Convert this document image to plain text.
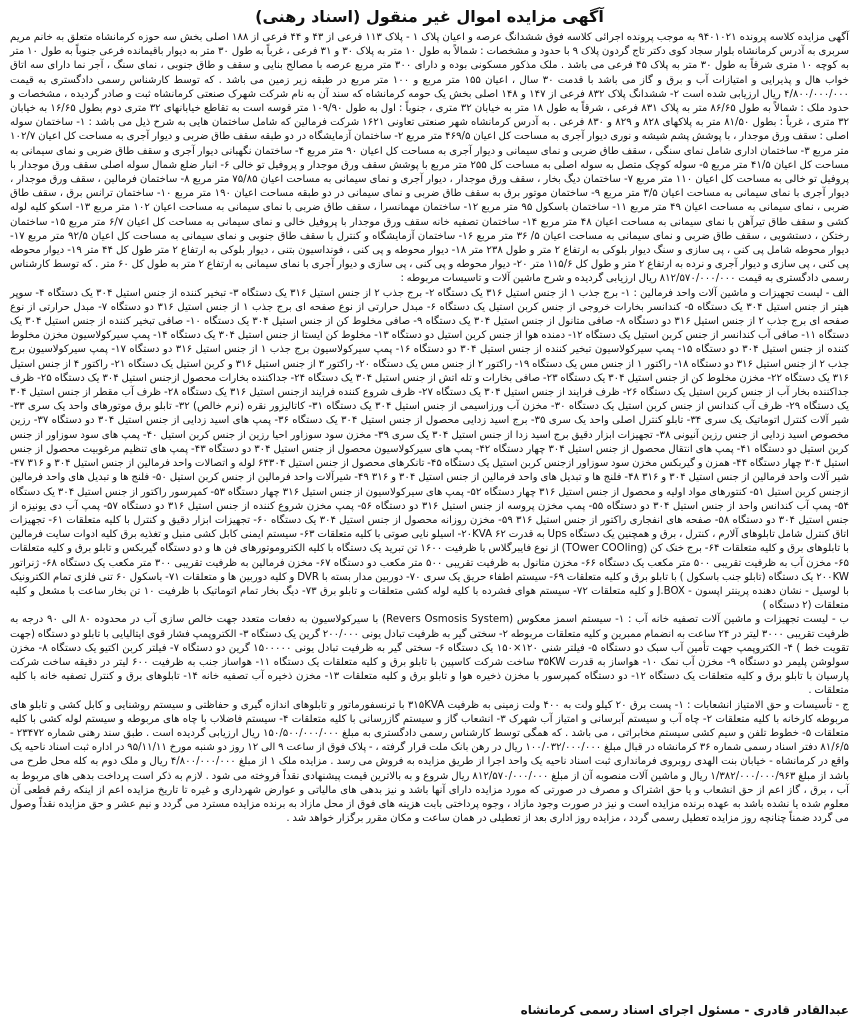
آگهی مزایده اموال غیر منقول (اسناد رهنی)

آگهی مزایده کلاسه پرونده ۹۴۰۱۰۲۱ به موجب پرونده اجرائی کلاسه فوق ششدانگ عرصه و اعیان پلاک ۱ - پلاک ۱۱۳ فرعی از ۴۳ و ۴۴ فرعی از ۱۸۸ اصلی بخش سه حوزه کرمانشاه متعلق به خانم مریم سربری به آدرس کرمانشاه بلوار سجاد کوی دکتر تاج گردون پلاک ۹ با حدود و مشخصات : شمالاً به طول ۱۰ متر به پلاک ۳۰ و ۳۱ فرعی ، غرباً به طول ۳۰ متر به دیوار باقیمانده فرعی جنوباً به طول ۱۰ متر به کوچه ۱۰ متری شرقاً به طول ۳۰ متر به پلاک ۴۵ فرعی می باشد . ملک مذکور مسکونی بوده و دارای ۳۰۰ متر مربع عرصه با مصالح بنایی و سقف و طاق جنوبی ، نمای سنگ ، آجر نما دارای سه اتاق خواب هال و پذیرایی و امتیازات آب و برق و گاز می باشد با قدمت ۳۰ سال ، اعیان ۱۵۵ متر مربع و ۱۰۰ متر مربع در طبقه زیر زمین می باشد . که توسط کارشناس رسمی دادگستری به قیمت ۴/۸۰۰/۰۰۰/۰۰۰ ریال ارزیابی شده است ۲- ششدانگ پلاک ۸۳۲ فرعی از ۱۴۷ و ۱۴۸ اصلی بخش یک حومه کرمانشاه که سند آن به نام شرکت شهرک صنعتی کرمانشاه ثبت و صادر گردیده ، مشخصات و حدود ملک : شمالاً به طول ۸۶/۶۵ متر به پلاک ۸۳۱ فرعی ، شرقاً به طول ۱۸ متر به خیابان ۳۲ متری ، جنوباً : اول به طول ۱۰۹/۹۰ متر قوسه است به تقاطع خیابانهای ۳۲ متری دوم بطول ۱۶/۶۵ به خیابان ۳۲ متری ، غرباً : بطول ۸۱/۵۰ متر به پلاکهای ۸۲۸ و ۸۲۹ و ۸۳۰ فرعی . به آدرس کرمانشاه شهر صنعتی تعاونی ۱۶۲۱ شرکت فرمالین که شامل ساختمان هایی به شرح ذیل می باشد : ۱- ساختمان سوله اصلی : سقف ورق موجدار ، با پوشش پشم شیشه و نوری دیوار آجری به مساحت کل اعیان ۴۶۹/۵ متر مربع ۲- ساختمان آزمایشگاه در دو طبقه سقف طاق ضربی و دیوار آجری به مساحت کل اعیان ۱۰۲/۷ متر مربع ۳- ساختمان اداری شامل نمای سنگی ، سقف طاق ضربی و نمای سیمانی و دیوار آجری به مساحت کل اعیان ۹۰ متر مربع ۴- ساختمان نگهبانی دیوار آجری و سقف طاق ضربی و نمای سیمانی به مساحت کل اعیان ۴۱/۵ متر مربع ۵- سوله کوچک متصل به سوله اصلی به مساحت کل ۲۵۵ متر مربع با پوشش سقف ورق موجدار و پروفیل تو خالی ۶- انبار ضلع شمال سوله اصلی سقف ورق موجدار با پروفیل تو خالی به مساحت کل اعیان ۱۱۰ متر مربع ۷- ساختمان دیگ بخار ، سقف ورق موجدار ، دیوار آجری و نمای سیمانی به مساحت اعیان ۷۵/۸۵ متر مربع ۸- ساختمان فرمالین ، سقف ورق موجدار ، دیوار آجری با نمای سیمانی به مساحت اعیان ۳/۵ متر مربع ۹- ساختمان موتور برق به سقف طاق ضربی و نمای سیمانی در دو طبقه مساحت اعیان ۱۹۰ متر مربع ۱۰- ساختمان ترانس برق ، سقف طاق ضربی ، نمای سیمانی به مساحت اعیان ۴۹ متر مربع ۱۱- ساختمان باسکول ۹۵ متر مربع ۱۲- ساختمان مهمانسرا ، سقف طاق ضربی با نمای سیمانی به مساحت اعیان ۱۰۲ متر مربع ۱۳- اسکو کلیه لوله کشی و سقف طاق تیرآهن با نمای سیمانی به مساحت اعیان ۴۸ متر مربع ۱۴- ساختمان تصفیه خانه سقف ورق موجدار با پروفیل خالی و نمای سیمانی به مساحت کل اعیان ۶/۷ متر مربع ۱۵- ساختمان رختکن ، دستشویی ، سقف طاق ضربی و نمای سیمانی به مساحت اعیان ۵/ ۳۶ متر مربع ۱۶- ساختمان آزمایشگاه و کنترل با سقف طاق جنوبی و نمای سیمانی به مساحت کل اعیان ۹۲/۵ متر مربع ۱۷- دیوار محوطه شامل پی کنی ، پی سازی و سنگ دیوار بلوکی به ارتفاع ۲ متر و طول ۲۳۸ متر ۱۸- دیوار محوطه و پی کنی ، فونداسیون بتنی ، دیوار بلوکی به ارتفاع ۲ متر طول کل ۴۴ متر ۱۹- دیوار محوطه پی کنی ، پی سازی و دیوار آجری و نرده به ارتفاع ۲ متر و طول کل ۱۱۵/۶ متر ۲۰- دیوار محوطه و پی کنی ، پی سازی و دیوار آجری با نمای سیمانی به ارتفاع ۲ متر به طول کل ۶۰ متر . که توسط کارشناس رسمی دادگستری به قیمت ۸۱۲/۵۷۰/۰۰۰/۰۰۰ ریال ارزیابی گردیده و شرح ماشین آلات و تاسیسات مربوطه :

الف - لیست تجهیزات و ماشین آلات واحد فرمالین : ۱- برج جذب ۱ از جنس استیل ۳۱۶ یک دستگاه ۲- برج جذب ۲ از جنس استیل ۳۱۶ یک دستگاه ۳- تبخیر کننده از جنس استیل ۳۰۴ یک دستگاه ۴- سوپر هیتر از جنس استیل ۳۰۴ یک دستگاه ۵- کندانسر بخارات خروجی از جنس کربن استیل یک دستگاه ۶- مبدل حرارتی از نوع صفحه ای برج جذب ۱ از جنس استیل ۳۱۶ دو دستگاه ۷- مبدل حرارتی از نوع صفحه ای برج جذب ۲ از جنس استیل ۳۱۶ دو دستگاه ۸- صافی متانول از جنس استیل ۳۰۴ یک دستگاه ۹- صافی مخلوط کن از جنس استیل ۳۰۴ یک دستگاه ۱۰- صافی تبخیر کننده از جنس استیل ۳۰۴ یک دستگاه ۱۱- صافی آب کندانسر از جنس کربن استیل یک دستگاه ۱۲- دمنده هوا از جنس کربن استیل دو دستگاه ۱۳- مخلوط کن ایستا از جنس استیل ۳۰۴ یک دستگاه ۱۴- پمپ سیرکولاسیون مخزن مخلوط کننده از جنس استیل ۳۰۴ دو دستگاه ۱۵- پمپ سیرکولاسیون تبخیر کننده از جنس استیل ۳۰۴ دو دستگاه ۱۶- پمپ سیرکولاسیون برج جذب ۱ از جنس استیل ۳۱۶ دو دستگاه ۱۷- پمپ سیرکولاسیون برج جذب ۲ از جنس استیل ۳۱۶ دو دستگاه ۱۸- راکتور ۱ از جنس مس یک دستگاه ۱۹- راکتور ۲ از جنس مس یک دستگاه ۲۰- راکتور ۳ از جنس استیل ۳۱۶ و کربن استیل یک دستگاه ۲۱- راکتور ۴ از جنس استیل ۳۱۶ یک دستگاه ۲۲- مخزن مخلوط کن از جنس استیل ۳۰۴ یک دستگاه ۲۳- صافی بخارات و تله اتش از جنس استیل ۳۰۴ یک دستگاه ۲۴- جداکننده بخارات محصول ازجنس استیل ۳۰۴ یک دستگاه ۲۵- ظرف جداکننده بخار آب از جنس کربن استیل یک دستگاه ۲۶- ظرف فرایند از جنس استیل ۳۰۴ یک دستگاه ۲۷- ظرف شروع کننده فرایند ازجنس استیل ۳۱۶ یک دستگاه ۲۸- ظرف آب مقطر از جنس استیل ۳۰۴ یک دستگاه ۲۹- ظرف آب کندانس از جنس کربن استیل یک دستگاه ۳۰- مخزن آب ورزاسیمی از جنس استیل ۳۰۴ یک دستگاه ۳۱- کاتالیزور نقره (نرم خالص) ۳۲- تابلو برق موتورهای واحد یک سری ۳۳- شیر آلات کنترل اتوماتیک یک سری ۳۴- تابلو کنترل اصلی واحد یک سری ۳۵- برج اسید زدایی محصول از جنس استیل ۳۰۴ یک دستگاه ۳۶- پمپ های اسید زدایی از جنس استیل ۳۰۴ دو دستگاه ۳۷- رزین مخصوص اسید زدایی از جنس رزین آنیونی ۳۸- تجهیزات ابزار دقیق برج اسید زدا از جنس استیل ۳۰۴ یک سری ۳۹- مخزن سود سوزاور احیا رزین از جنس کربن استیل ۴۰- پمپ های سود سوزاور از جنس کربن استیل دو دستگاه ۴۱- پمپ های انتقال محصول از جنس استیل ۳۰۴ چهار دستگاه ۴۲- پمپ های سیرکولاسیون محصول از جنس استیل ۳۰۴ دو دستگاه ۴۳- پمپ های تنظیم مرغوبیت محصول از جنس استیل ۳۰۴ چهار دستگاه ۴۴- همزن و گیربکس مخزن سود سوزاور ازجنس کربن استیل یک دستگاه ۴۵- تانکرهای محصول از جنس استیل ۶۴۳۰۴ لوله و اتصالات واحد فرمالین از جنس استیل ۳۰۴ و ۳۱۶ ۴۷- شیر آلات واحد فرمالین از جنس استیل ۳۰۴ و ۳۱۶ ۴۸- فلنج ها و تبدیل های واحد فرمالین از جنس استیل ۳۰۴ و ۳۱۶ ۴۹- شیرآلات واحد فرمالین از جنس کربن استیل ۵۰- فلنج ها و تبدیل های واحد فرمالین ازجنس کربن استیل ۵۱- کنتورهای مواد اولیه و محصول از جنس استیل ۳۱۶ چهار دستگاه ۵۲- پمپ های سیرکولاسیون از جنس استیل ۳۱۶ چهار دستگاه ۵۳- کمپرسور راکتور از جنس استیل ۳۰۴ یک دستگاه ۵۴- پمپ آب کندانس واحد از جنس استیل ۳۰۴ دو دستگاه ۵۵- پمپ مخزن پروسه از جنس استیل ۳۱۶ دو دستگاه ۵۶- پمپ مخزن شروع کننده از جنس استیل ۳۱۶ دو دستگاه ۵۷- پمپ آب دی یونیزه از جنس استیل ۳۰۴ دو دستگاه ۵۸- صفحه های انفجاری راکتور از جنس استیل ۳۱۶ ۵۹- مخزن روزانه محصول از جنس استیل ۳۰۴ یک دستگاه ۶۰- تجهیزات ابزار دقیق و کنترل با کلیه متعلقات ۶۱- تجهیزات اتاق کنترل شامل تابلوهای آلارم ، کنترل ، برق و همچنین یک دستگاه Ups به قدرت ۲۰KVA ۶۲- اسیلو نایی صوتی با کلیه متعلقات ۶۳- سیستم ایمنی کابل کشی منبل و تغذیه برق کلیه ادوات سایت فرمالین با تابلوهای برق و کلیه متعلقات ۶۴- برج خنک کن (TOwer COOling) از نوع فایبرگلاس با ظرفیت ۱۶۰۰ تن تبرید یک دستگاه با کلیه الکتروموتورهای فن ها و دو دستگاه گیربکس و تابلو برق و کلیه متعلقات ۶۵- مخزن آب به ظرفیت تقریبی ۵۰۰ متر مکعب یک دستگاه ۶۶- مخزن متانول به ظرفیت تقریبی ۵۰۰ متر مکعب دو دستگاه ۶۷- مخزن فرمالین به ظرفیت تقریبی ۳۰۰ متر مکعب یک دستگاه ۶۸- ژنراتور ۲۰۰KW یک دستگاه (تابلو جنب باسکول ) با تابلو برق و کلیه متعلقات ۶۹- سیستم اطفاء حریق یک سری ۷۰- دوربین مدار بسته با DVR و کلیه دوربین ها و متعلقات ۷۱- باسکول ۶۰ تنی فلزی تمام الکترونیک با لوسیل - نشان دهنده پرینتر اپسون - J.BOX و کلیه متعلقات ۷۲- سیستم هوای فشرده با کلیه لوله کشی متعلقات و تابلو برق ۷۳- دیگ بخار تمام اتوماتیک با ظرفیت ۱۰ تن بخار ساعت با مشعل و کلیه متعلقات (۲ دستگاه )

ب - لیست تجهیزات و ماشین آلات تصفیه خانه آب : ۱- سیستم اسمز معکوس (Revers Osmosis System) با سیرکولاسیون به دفعات متعدد جهت خالص سازی آب در محدوده ۸۰ الی ۹۰ درجه به ظرفیت تقریبی ۳۰۰۰ لیتر در ۲۴ ساعت به انضمام ممبرین و کلیه متعلقات مربوطه ۲- سختی گیر به ظرفیت تبادل یونی ۲۰۰/۰۰۰ گرین یک دستگاه ۳- الکتروپمپ فشار قوی ایتالیایی با تابلو دو دستگاه (جهت تقویت خط ) ۴- الکتروپمپ جهت تأمین آب سبک دو دستگاه ۵- فیلتر شنی ۱۲۰×۱۵۰ یک دستگاه ۶- سختی گیر به ظرفیت تبادل یونی ۱۵۰۰۰۰۰ گرین دو دستگاه ۷- فیلتر کربن اکتیو یک دستگاه ۸- مخزن سولوشن پلیمر دو دستگاه ۹- مخزن آب نمک ۱۰- هواساز به قدرت ۳۵KW ساخت شرکت کاسپین با تابلو برق و کلیه متعلقات یک دستگاه ۱۱- هواساز جنب به ظرفیت ۶۰۰ لیتر در دقیقه ساخت شرکت پارسیان با تابلو برق و کلیه متعلقات یک دستگاه ۱۲- دو دستگاه کمپرسور با مخزن ذخیره هوا و تابلو برق و کلیه متعلقات ۱۳- مخزن ذخیره آب تصفیه خانه ۱۴- تابلوهای برق و کنترل تصفیه خانه با کلیه متعلقات .

ج - تأسیسات و حق الامتیاز انشعابات : ۱- پست برق ۲۰ کیلو ولت به ۴۰۰ ولت زمینی به ظرفیت ۳۱۵KVA با ترنسفورماتور و تابلوهای اندازه گیری و حفاظتی و سیستم روشنایی و کابل کشی و تابلو های مربوطه کارخانه با کلیه متعلقات ۲- چاه آب و سیستم آبرسانی و امتیاز آب شهرک ۳- انشعاب گاز و سیستم گازرسانی با کلیه متعلقات ۴- سیستم فاضلاب با چاه های مربوطه و سیستم لوله کشی با کلیه متعلقات ۵- خطوط تلفن و سیم کشی سیستم مخابراتی ، می باشد . که همگی توسط کارشناس رسمی دادگستری به مبلغ ۱۵۰/۵۰۰/۰۰۰/۰۰۰ ریال ارزیابی گردیده است . طبق سند رهنی شماره ۲۳۴۷۲ - ۸۱/۶/۵ دفتر اسناد رسمی شماره ۳۶ کرمانشاه در قبال مبلغ ۱۰۰/۰۳۲/۰۰۰/۰۰۰ ریال در رهن بانک ملت قرار گرفته ، - پلاک فوق از ساعت ۹ الی ۱۲ روز دو شنبه مورخ ۹۵/۱۱/۱۱ در اداره ثبت اسناد ناحیه یک واقع در کرمانشاه - خیابان بنت الهدی روبروی فرمانداری ثبت اسناد ناحیه یک واحد اجرا از طریق مزایده به فروش می رسد . مزایده ملک ۱ از مبلغ ۴/۸۰۰/۰۰۰/۰۰۰ ریال و ملک دوم به کله محل طرح می باشد از مبلغ ۱/۳۸۲/۰۰۰/۰۰۰/۹۶۳ ریال و ماشین آلات منصوبه آن از مبلغ ۸۱۲/۵۷۰/۰۰۰/۰۰۰ ریال شروع و به بالاترین قیمت پیشنهادی نقداً فروخته می شود . لازم به ذکر است پرداخت بدهی های مربوط به آب ، برق ، گاز اعم از حق انشعاب و یا حق اشتراک و مصرف در صورتی که مورد مزایده دارای آنها باشد و نیز بدهی های مالیاتی و عوارض شهرداری و غیره تا تاریخ مزایده اعم از اینکه رقم قطعی آن معلوم شده یا نشده باشد به عهده برنده مزایده است و نیز در صورت وجود مازاد ، وجوه پرداختی بابت هزینه های فوق از محل مازاد به برنده مزایده مسترد می گردد و نیم عشر و حق مزایده نقداً وصول می گردد ضمناً چنانچه روز مزایده تعطیل رسمی گردد ، مزایده روز اداری بعد از تعطیلی در همان ساعت و مکان مقرر برگزار خواهد شد .

عبدالقادر قادری - مسئول اجرای اسناد رسمی کرمانشاه
